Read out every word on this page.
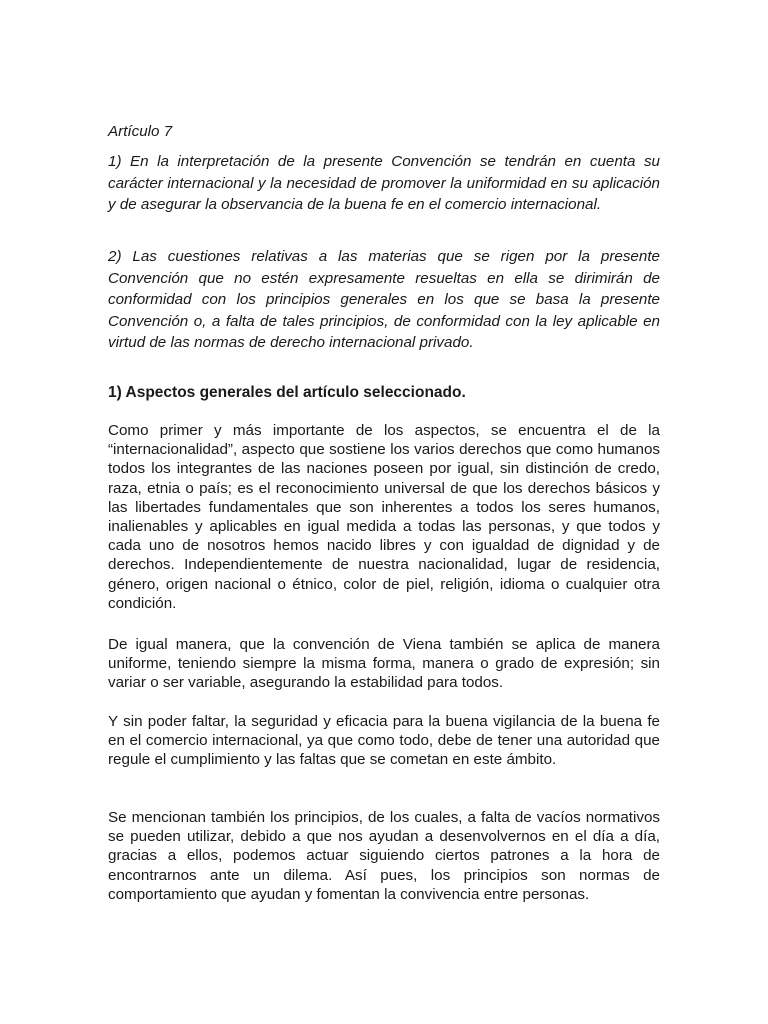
Artículo 7
1) En la interpretación de la presente Convención se tendrán en cuenta su carácter internacional y la necesidad de promover la uniformidad en su aplicación y de asegurar la observancia de la buena fe en el comercio internacional.
2) Las cuestiones relativas a las materias que se rigen por la presente Convención que no estén expresamente resueltas en ella se dirimirán de conformidad con los principios generales en los que se basa la presente Convención o, a falta de tales principios, de conformidad con la ley aplicable en virtud de las normas de derecho internacional privado.
1) Aspectos generales del artículo seleccionado.
Como primer y más importante de los aspectos, se encuentra el de la “internacionalidad”, aspecto que sostiene los varios derechos que como humanos todos los integrantes de las naciones poseen por igual, sin distinción de credo, raza, etnia o país; es el reconocimiento universal de que los derechos básicos y las libertades fundamentales que son inherentes a todos los seres humanos, inalienables y aplicables en igual medida a todas las personas, y que todos y cada uno de nosotros hemos nacido libres y con igualdad de dignidad y de derechos. Independientemente de nuestra nacionalidad, lugar de residencia, género, origen nacional o étnico, color de piel, religión, idioma o cualquier otra condición.
De igual manera, que la convención de Viena también se aplica de manera uniforme, teniendo siempre la misma forma, manera o grado de expresión; sin variar o ser variable, asegurando la estabilidad para todos.
Y sin poder faltar, la seguridad y eficacia para la buena vigilancia de la buena fe en el comercio internacional, ya que como todo, debe de tener una autoridad que regule el cumplimiento y las faltas que se cometan en este ámbito.
Se mencionan también los principios, de los cuales, a falta de vacíos normativos se pueden utilizar, debido a que nos ayudan a desenvolvernos en el día a día, gracias a ellos, podemos actuar siguiendo ciertos patrones a la hora de encontrarnos ante un dilema. Así pues, los principios son normas de comportamiento que ayudan y fomentan la convivencia entre personas.
